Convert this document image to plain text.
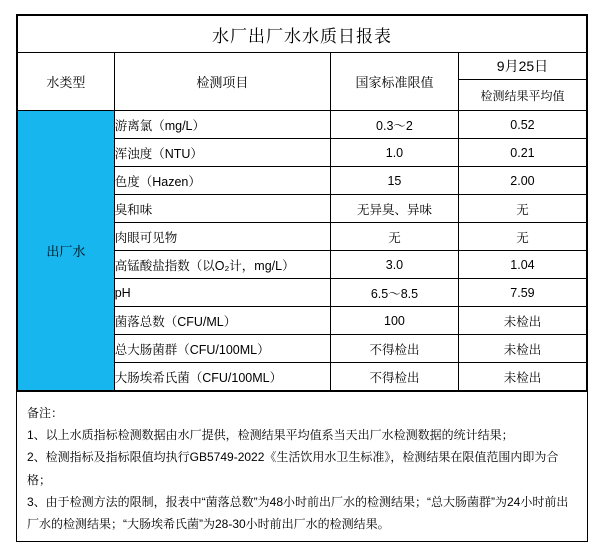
水厂出厂水水质日报表			
水类型	检测项目	国家标准限值	9月25日
			检测结果平均值
出厂水	游离氯（mg/L）	0.3～2	0.52
	浑浊度（NTU）	1.0	0.21
	色度（Hazen）	15	2.00
	臭和味	无异臭、异味	无
	肉眼可见物	无	无
	高锰酸盐指数（以O₂计，mg/L）	3.0	1.04
	pH	6.5～8.5	7.59
	菌落总数（CFU/ML）	100	未检出
	总大肠菌群（CFU/100ML）	不得检出	未检出
	大肠埃希氏菌（CFU/100ML）	不得检出	未检出

备注：

1、以上水质指标检测数据由水厂提供，检测结果平均值系当天出厂水检测数据的统计结果；

2、检测指标及指标限值均执行GB5749-2022《生活饮用水卫生标准》，检测结果在限值范围内即为合格；

3、由于检测方法的限制，报表中“菌落总数”为48小时前出厂水的检测结果；“总大肠菌群”为24小时前出厂水的检测结果；“大肠埃希氏菌”为28-30小时前出厂水的检测结果。
